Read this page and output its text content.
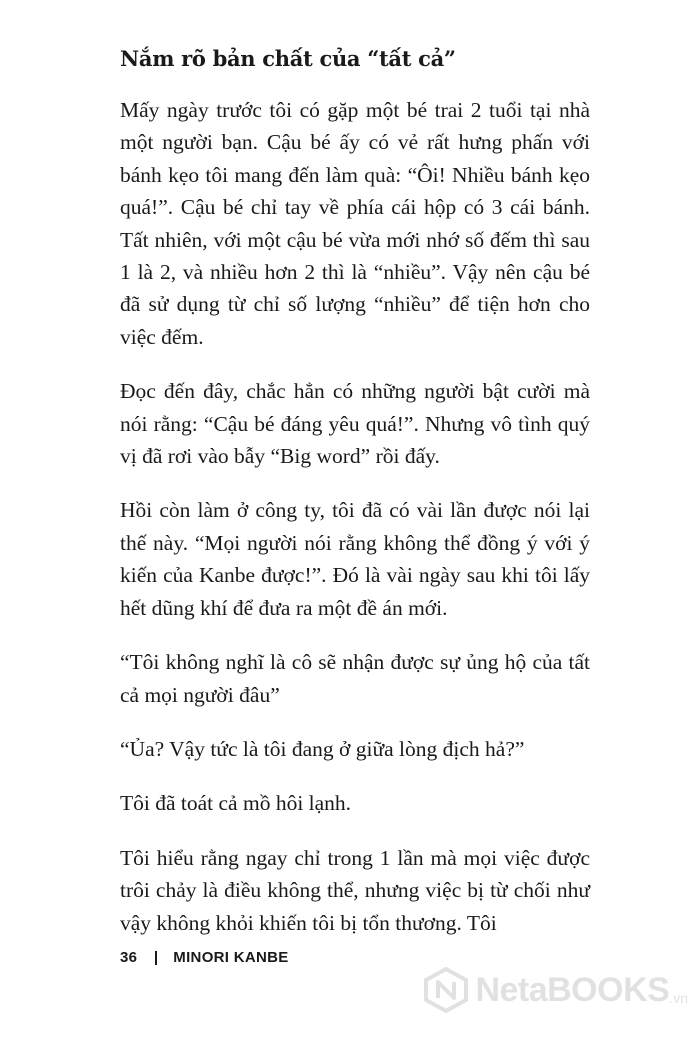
Nắm rõ bản chất của “tất cả”

Mấy ngày trước tôi có gặp một bé trai 2 tuổi tại nhà một người bạn. Cậu bé ấy có vẻ rất hưng phấn với bánh kẹo tôi mang đến làm quà: “Ôi! Nhiều bánh kẹo quá!”. Cậu bé chỉ tay về phía cái hộp có 3 cái bánh. Tất nhiên, với một cậu bé vừa mới nhớ số đếm thì sau 1 là 2, và nhiều hơn 2 thì là “nhiều”. Vậy nên cậu bé đã sử dụng từ chỉ số lượng “nhiều” để tiện hơn cho việc đếm.

Đọc đến đây, chắc hẳn có những người bật cười mà nói rằng: “Cậu bé đáng yêu quá!”. Nhưng vô tình quý vị đã rơi vào bẫy “Big word” rồi đấy.

Hồi còn làm ở công ty, tôi đã có vài lần được nói lại thế này. “Mọi người nói rằng không thể đồng ý với ý kiến của Kanbe được!”. Đó là vài ngày sau khi tôi lấy hết dũng khí để đưa ra một đề án mới.

“Tôi không nghĩ là cô sẽ nhận được sự ủng hộ của tất cả mọi người đâu”

“Ủa? Vậy tức là tôi đang ở giữa lòng địch hả?”

Tôi đã toát cả mồ hôi lạnh.

Tôi hiểu rằng ngay chỉ trong 1 lần mà mọi việc được trôi chảy là điều không thể, nhưng việc bị từ chối như vậy không khỏi khiến tôi bị tổn thương. Tôi

36 MINORI KANBE
NetaBOOKS .vn
